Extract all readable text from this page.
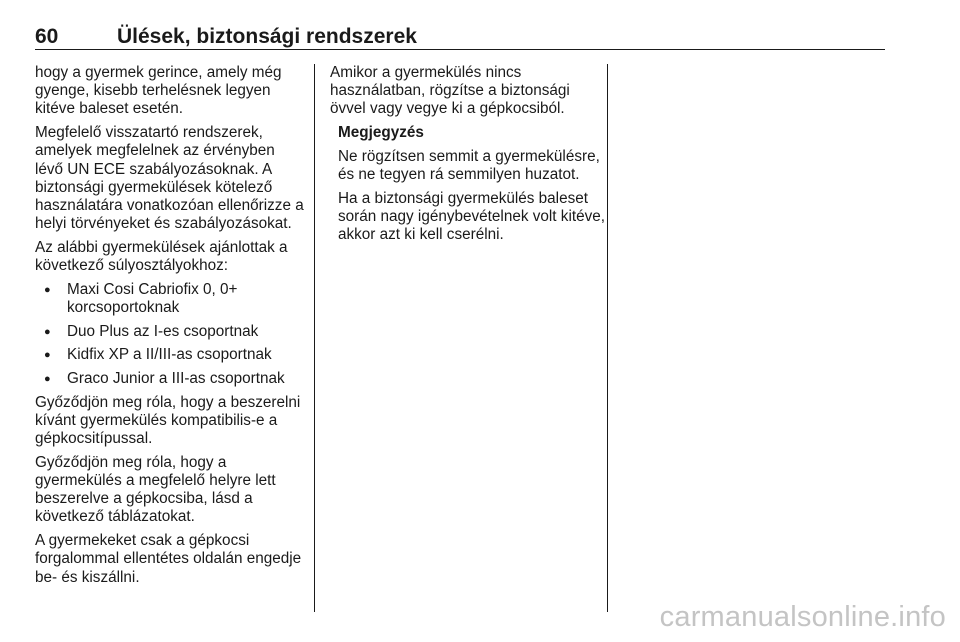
60	Ülések, biztonsági rendszerek

hogy a gyermek gerince, amely még gyenge, kisebb terhelésnek legyen kitéve baleset esetén.

Megfelelő visszatartó rendszerek, amelyek megfelelnek az érvényben lévő UN ECE szabályozásoknak. A biztonsági gyermekülések kötelező használatára vonatkozóan ellenőrizze a helyi törvényeket és szabályozásokat.

Az alábbi gyermekülések ajánlottak a következő súlyosztályokhoz:

● Maxi Cosi Cabriofix 0, 0+ korcsoportoknak
● Duo Plus az I-es csoportnak
● Kidfix XP a II/III-as csoportnak
● Graco Junior a III-as csoportnak

Győződjön meg róla, hogy a beszerelni kívánt gyermekülés kompatibilis-e a gépkocsitípussal.

Győződjön meg róla, hogy a gyermekülés a megfelelő helyre lett beszerelve a gépkocsiba, lásd a következő táblázatokat.

A gyermekeket csak a gépkocsi forgalommal ellentétes oldalán engedje be- és kiszállni.

Amikor a gyermekülés nincs használatban, rögzítse a biztonsági övvel vagy vegye ki a gépkocsiból.

Megjegyzés

Ne rögzítsen semmit a gyermekülésre, és ne tegyen rá semmilyen huzatot.

Ha a biztonsági gyermekülés baleset során nagy igénybevételnek volt kitéve, akkor azt ki kell cserélni.

carmanualsonline.info
